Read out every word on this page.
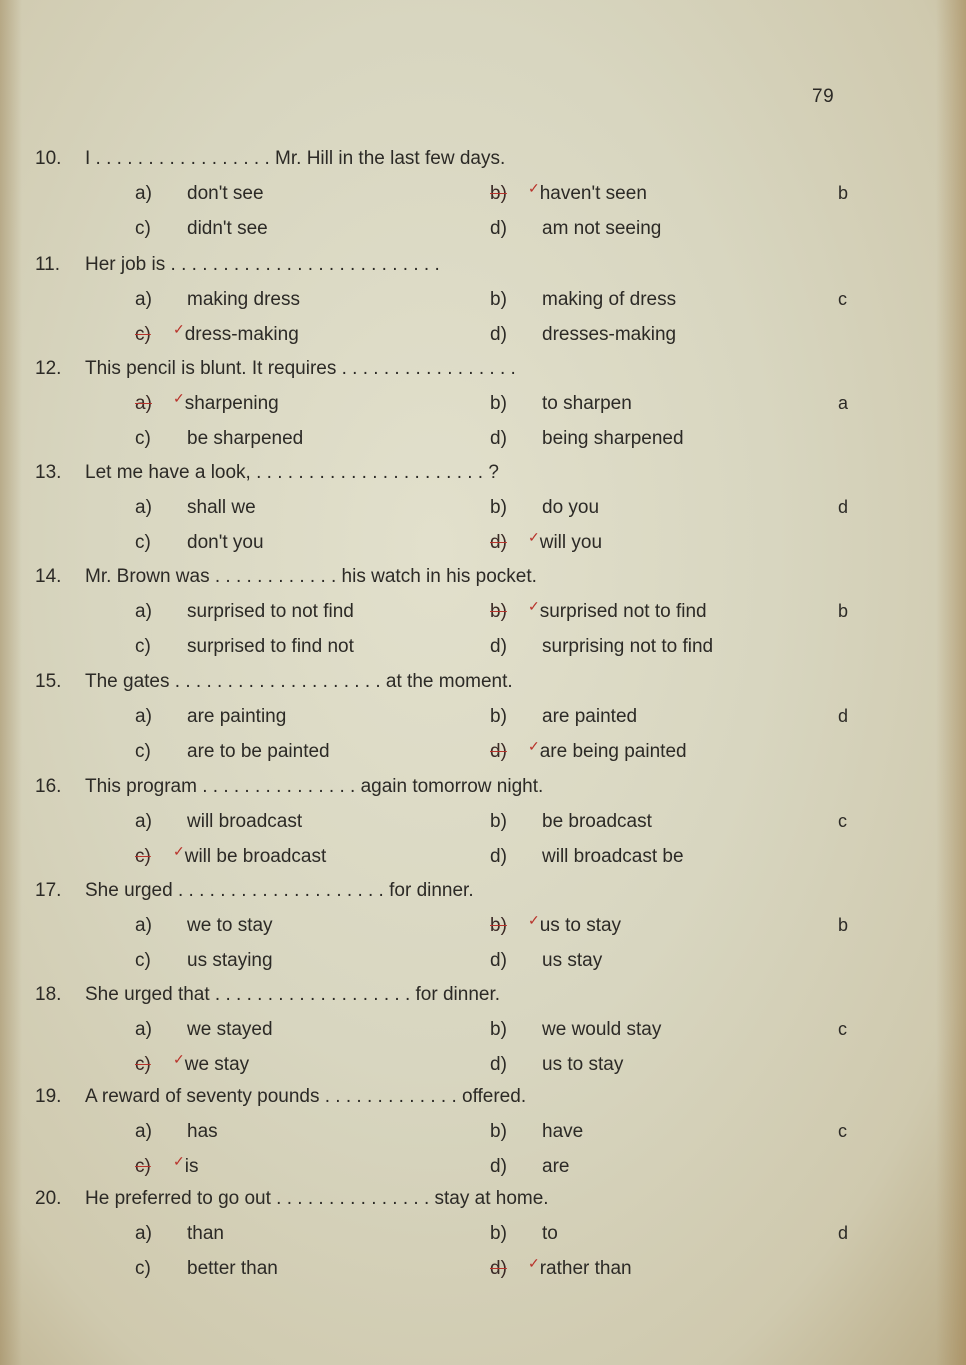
79
10. I . . . . . . . . . . . . . . . . . Mr. Hill in the last few days.
a) don't see	b) ✓haven't seen
c) didn't see	d) am not seeing
b
11. Her job is . . . . . . . . . . . . . . . . . . . . . . . . . .
a) making dress	b) making of dress
c) ✓dress-making	d) dresses-making
c
12. This pencil is blunt. It requires . . . . . . . . . . . . . . . . .
a) ✓sharpening	b) to sharpen
c) be sharpened	d) being sharpened
a
13. Let me have a look, . . . . . . . . . . . . . . . . . . . . . . ?
a) shall we	b) do you
c) don't you	d) ✓will you
d
14. Mr. Brown was . . . . . . . . . . . . his watch in his pocket.
a) surprised to not find	b) ✓surprised not to find
c) surprised to find not	d) surprising not to find
b
15. The gates . . . . . . . . . . . . . . . . . . . . at the moment.
a) are painting	b) are painted
c) are to be painted	d) ✓are being painted
d
16. This program . . . . . . . . . . . . . . . again tomorrow night.
a) will broadcast	b) be broadcast
c) ✓will be broadcast	d) will broadcast be
c
17. She urged . . . . . . . . . . . . . . . . . . . . for dinner.
a) we to stay	b) ✓us to stay
c) us staying	d) us stay
b
18. She urged that . . . . . . . . . . . . . . . . . . . for dinner.
a) we stayed	b) we would stay
c) ✓we stay	d) us to stay
c
19. A reward of seventy pounds . . . . . . . . . . . . . offered.
a) has	b) have
c) ✓is	d) are
c
20. He preferred to go out . . . . . . . . . . . . . . . stay at home.
a) than	b) to
c) better than	d) ✓rather than
d
